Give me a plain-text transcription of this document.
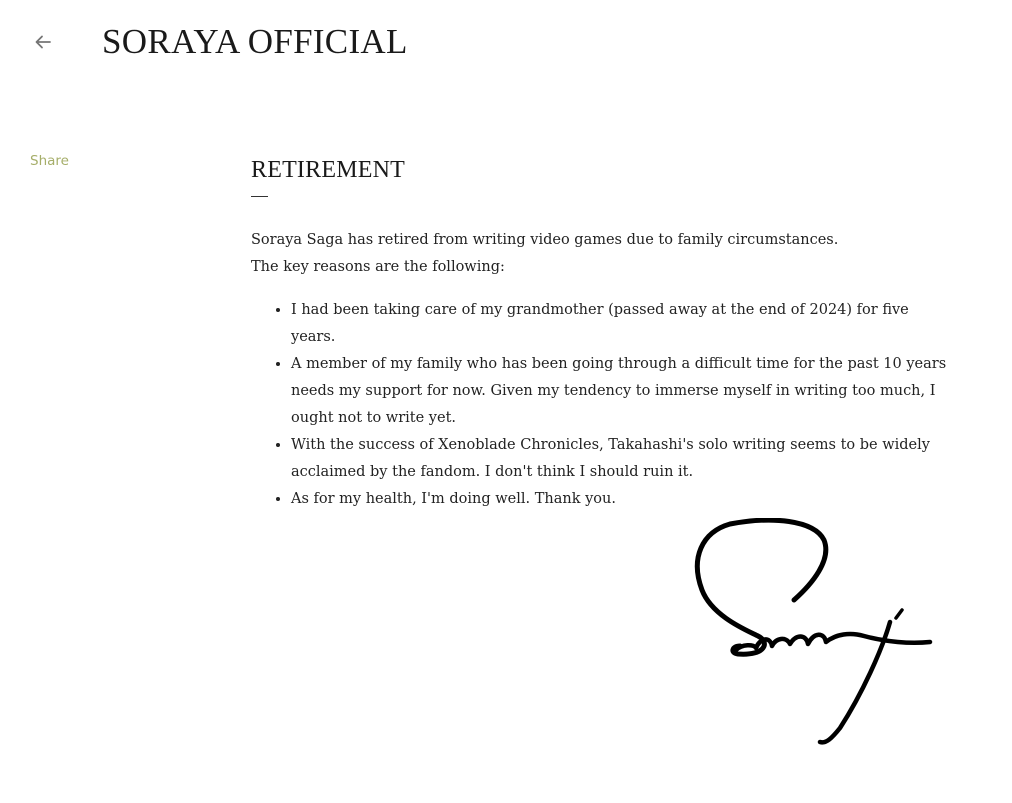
SORAYA OFFICIAL
Share	RETIREMENT

Soraya Saga has retired from writing video games due to family circumstances.

The key reasons are the following:

• I had been taking care of my grandmother (passed away at the end of 2024) for five years.
• A member of my family who has been going through a difficult time for the past 10 years needs my support for now. Given my tendency to immerse myself in writing too much, I ought not to write yet.
• With the success of Xenoblade Chronicles, Takahashi's solo writing seems to be widely acclaimed by the fandom. I don't think I should ruin it.
• As for my health, I'm doing well. Thank you.
